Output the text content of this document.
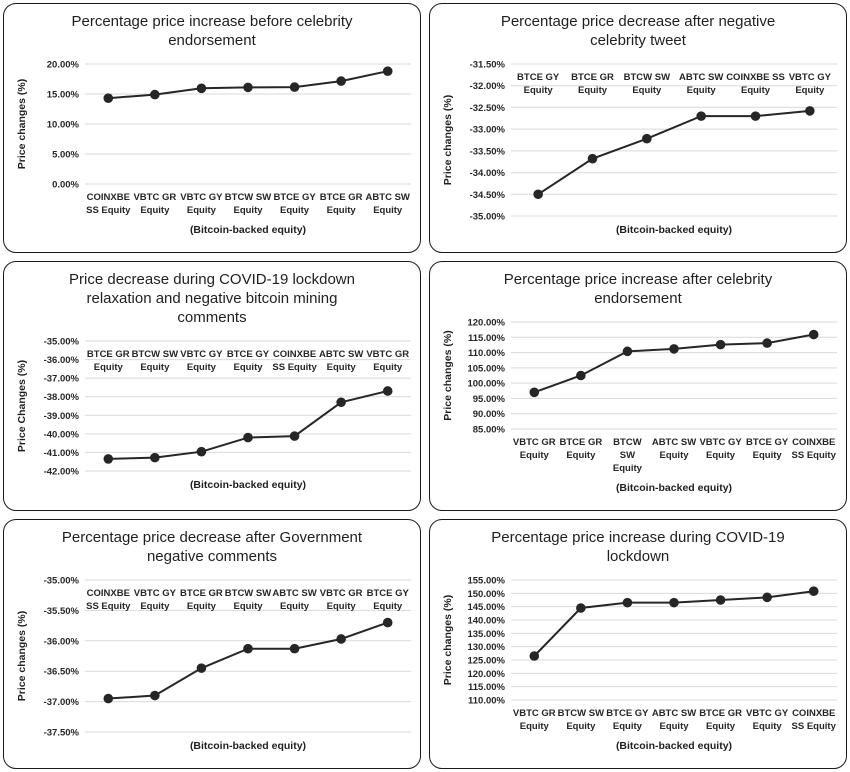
Percentage price increase before celebrity
endorsement
20.00%
15.00%
10.00%
5.00%
0.00%
Price changes (%)
COINXBE
SS Equity
VBTC GR
Equity
VBTC GY
Equity
BTCW SW
Equity
BTCE GY
Equity
BTCE GR
Equity
ABTC SW
Equity
(Bitcoin-backed equity)
Percentage price decrease after negative
celebrity tweet
-31.50%
-32.00%
-32.50%
-33.00%
-33.50%
-34.00%
-34.50%
-35.00%
Price changes (%)
BTCE GY
Equity
BTCE GR
Equity
BTCW SW
Equity
ABTC SW
Equity
COINXBE SS
Equity
VBTC GY
Equity
(Bitcoin-backed equity)
Price decrease during COVID-19 lockdown
relaxation and negative bitcoin mining
comments
-35.00%
-36.00%
-37.00%
-38.00%
-39.00%
-40.00%
-41.00%
-42.00%
Price Changes (%)
BTCE GR
Equity
BTCW SW
Equity
VBTC GY
Equity
BTCE GY
Equity
COINXBE
SS Equity
ABTC SW
Equity
VBTC GR
Equity
(Bitcoin-backed equity)
Percentage price increase after celebrity
endorsement
120.00%
115.00%
110.00%
105.00%
100.00%
95.00%
90.00%
85.00%
Price changes (%)
VBTC GR
Equity
BTCE GR
Equity
BTCW
SW
Equity
ABTC SW
Equity
VBTC GY
Equity
BTCE GY
Equity
COINXBE
SS Equity
(Bitcoin-backed equity)
Percentage price decrease after Government
negative comments
-35.00%
-35.50%
-36.00%
-36.50%
-37.00%
-37.50%
Price changes (%)
COINXBE
SS Equity
VBTC GY
Equity
BTCE GR
Equity
BTCW SW
Equity
ABTC SW
Equity
VBTC GR
Equity
BTCE GY
Equity
(Bitcoin-backed equity)
Percentage price increase during COVID-19
lockdown
155.00%
150.00%
145.00%
140.00%
135.00%
130.00%
125.00%
120.00%
115.00%
110.00%
Price changes (%)
VBTC GR
Equity
BTCW SW
Equity
BTCE GY
Equity
ABTC SW
Equity
BTCE GR
Equity
VBTC GY
Equity
COINXBE
SS Equity
(Bitcoin-backed equity)
